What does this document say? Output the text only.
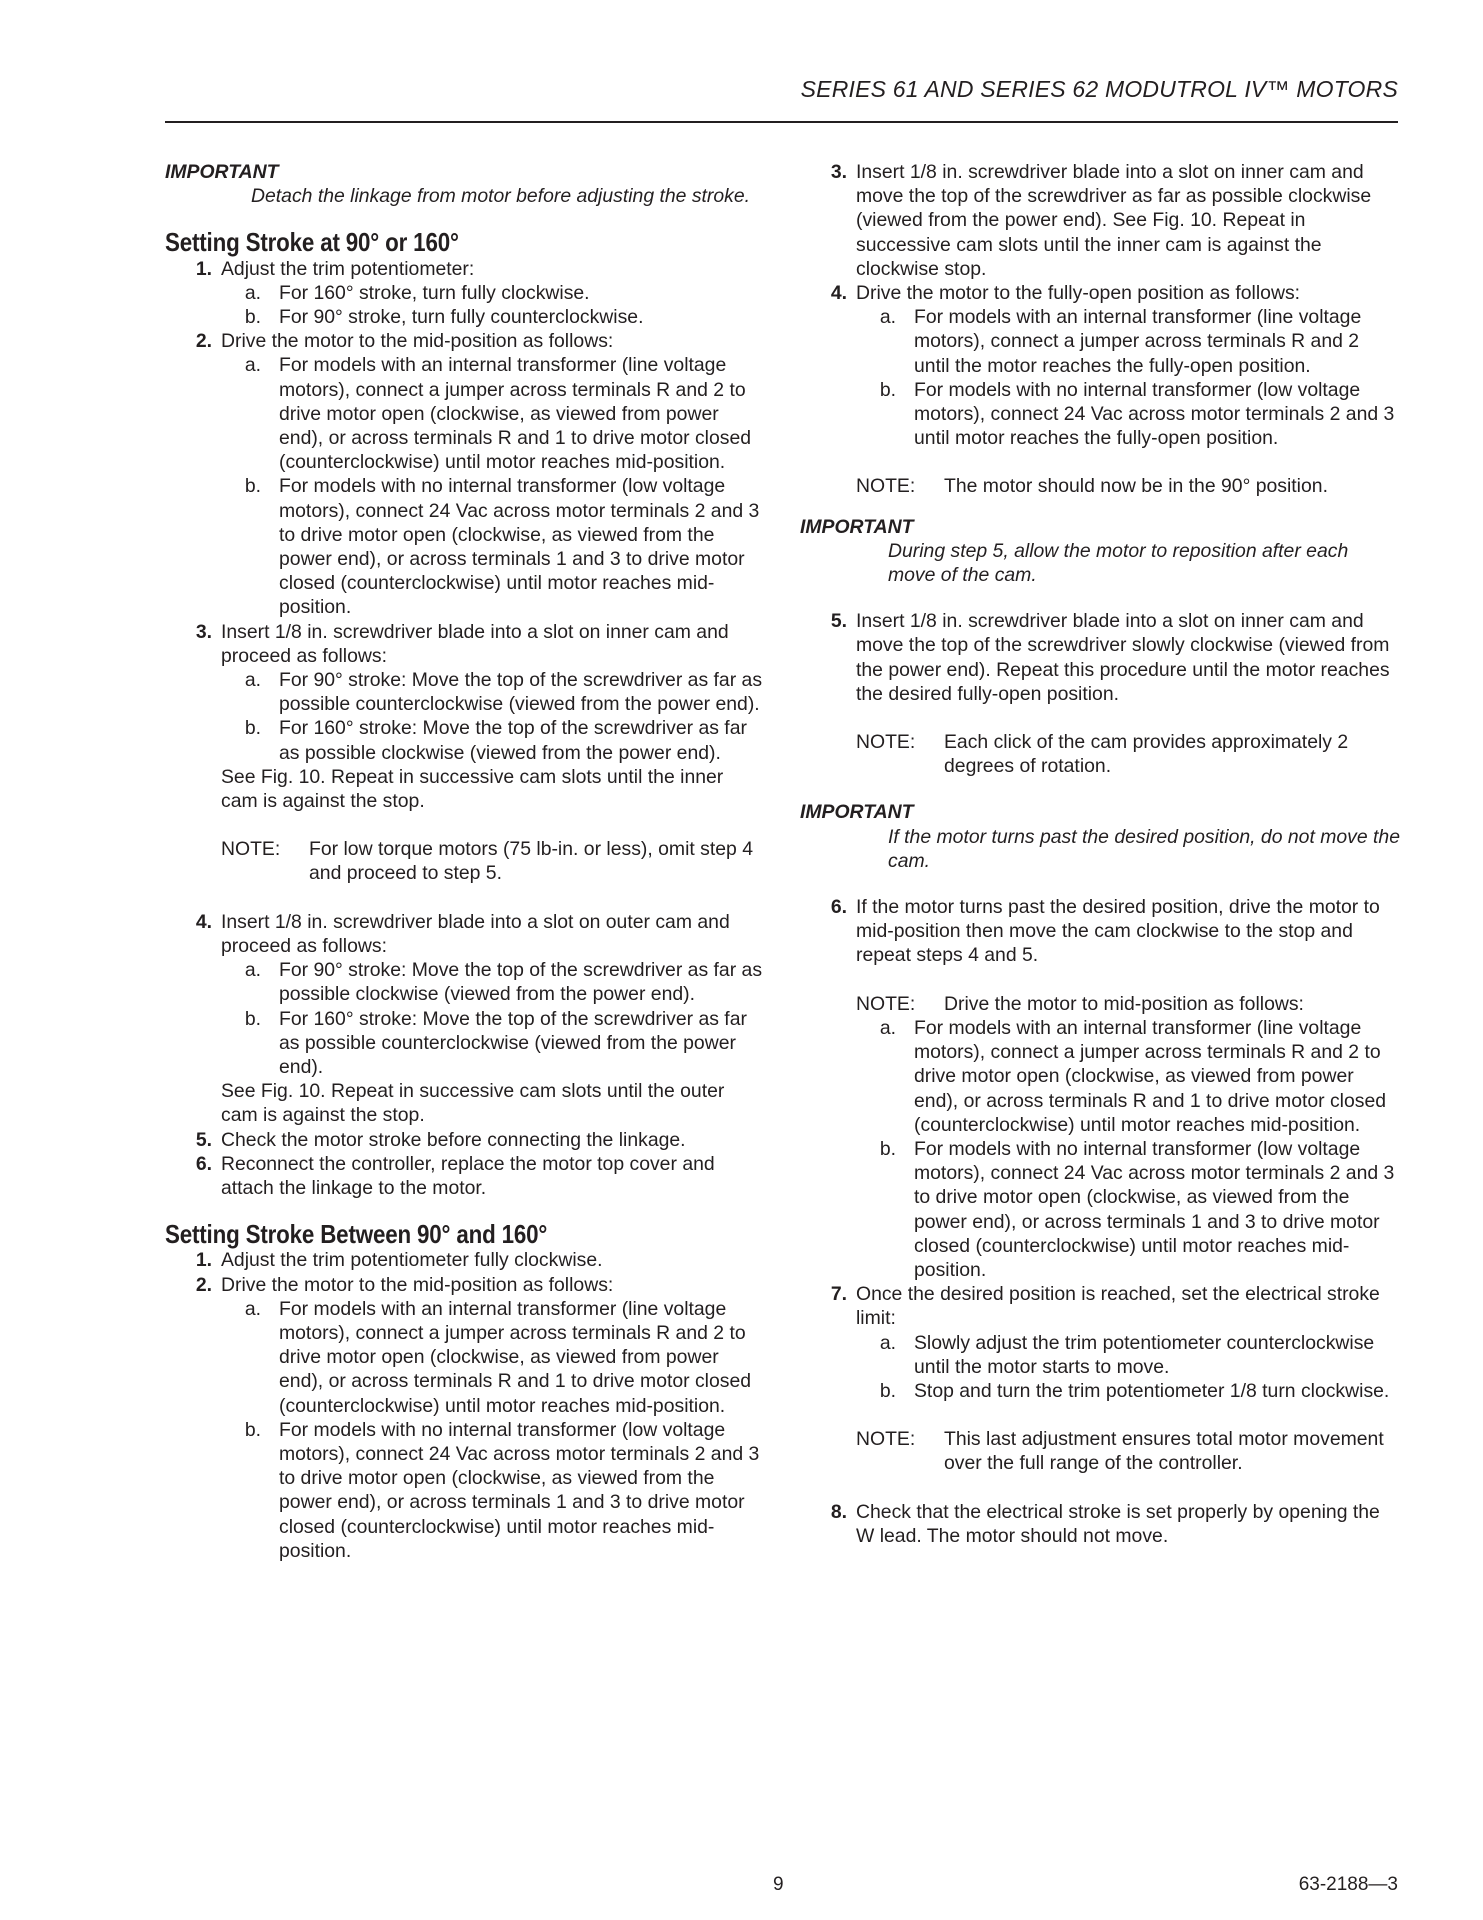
SERIES 61 AND SERIES 62 MODUTROL IV™ MOTORS
IMPORTANT
Detach the linkage from motor before adjusting the stroke.
Setting Stroke at 90° or 160°
1. Adjust the trim potentiometer:
a. For 160° stroke, turn fully clockwise.
b. For 90° stroke, turn fully counterclockwise.
2. Drive the motor to the mid-position as follows:
a. For models with an internal transformer (line voltage motors), connect a jumper across terminals R and 2 to drive motor open (clockwise, as viewed from power end), or across terminals R and 1 to drive motor closed (counterclockwise) until motor reaches mid-position.
b. For models with no internal transformer (low voltage motors), connect 24 Vac across motor terminals 2 and 3 to drive motor open (clockwise, as viewed from the power end), or across terminals 1 and 3 to drive motor closed (counterclockwise) until motor reaches mid-position.
3. Insert 1/8 in. screwdriver blade into a slot on inner cam and proceed as follows:
a. For 90° stroke: Move the top of the screwdriver as far as possible counterclockwise (viewed from the power end).
b. For 160° stroke: Move the top of the screwdriver as far as possible clockwise (viewed from the power end).
See Fig. 10. Repeat in successive cam slots until the inner cam is against the stop.
NOTE:	For low torque motors (75 lb-in. or less), omit step 4 and proceed to step 5.
4. Insert 1/8 in. screwdriver blade into a slot on outer cam and proceed as follows:
a. For 90° stroke: Move the top of the screwdriver as far as possible clockwise (viewed from the power end).
b. For 160° stroke: Move the top of the screwdriver as far as possible counterclockwise (viewed from the power end).
See Fig. 10. Repeat in successive cam slots until the outer cam is against the stop.
5. Check the motor stroke before connecting the linkage.
6. Reconnect the controller, replace the motor top cover and attach the linkage to the motor.
Setting Stroke Between 90° and 160°
1. Adjust the trim potentiometer fully clockwise.
2. Drive the motor to the mid-position as follows:
a. For models with an internal transformer (line voltage motors), connect a jumper across terminals R and 2 to drive motor open (clockwise, as viewed from power end), or across terminals R and 1 to drive motor closed (counterclockwise) until motor reaches mid-position.
b. For models with no internal transformer (low voltage motors), connect 24 Vac across motor terminals 2 and 3 to drive motor open (clockwise, as viewed from the power end), or across terminals 1 and 3 to drive motor closed (counterclockwise) until motor reaches mid-position.
3. Insert 1/8 in. screwdriver blade into a slot on inner cam and move the top of the screwdriver as far as possible clockwise (viewed from the power end). See Fig. 10. Repeat in successive cam slots until the inner cam is against the clockwise stop.
4. Drive the motor to the fully-open position as follows:
a. For models with an internal transformer (line voltage motors), connect a jumper across terminals R and 2 until the motor reaches the fully-open position.
b. For models with no internal transformer (low voltage motors), connect 24 Vac across motor terminals 2 and 3 until motor reaches the fully-open position.
NOTE:	The motor should now be in the 90° position.
IMPORTANT
During step 5, allow the motor to reposition after each move of the cam.
5. Insert 1/8 in. screwdriver blade into a slot on inner cam and move the top of the screwdriver slowly clockwise (viewed from the power end). Repeat this procedure until the motor reaches the desired fully-open position.
NOTE:	Each click of the cam provides approximately 2 degrees of rotation.
IMPORTANT
If the motor turns past the desired position, do not move the cam.
6. If the motor turns past the desired position, drive the motor to mid-position then move the cam clockwise to the stop and repeat steps 4 and 5.
NOTE:	Drive the motor to mid-position as follows:
a. For models with an internal transformer (line voltage motors), connect a jumper across terminals R and 2 to drive motor open (clockwise, as viewed from power end), or across terminals R and 1 to drive motor closed (counterclockwise) until motor reaches mid-position.
b. For models with no internal transformer (low voltage motors), connect 24 Vac across motor terminals 2 and 3 to drive motor open (clockwise, as viewed from the power end), or across terminals 1 and 3 to drive motor closed (counterclockwise) until motor reaches mid-position.
7. Once the desired position is reached, set the electrical stroke limit:
a. Slowly adjust the trim potentiometer counterclockwise until the motor starts to move.
b. Stop and turn the trim potentiometer 1/8 turn clockwise.
NOTE:	This last adjustment ensures total motor movement over the full range of the controller.
8. Check that the electrical stroke is set properly by opening the W lead. The motor should not move.
9	63-2188—3
